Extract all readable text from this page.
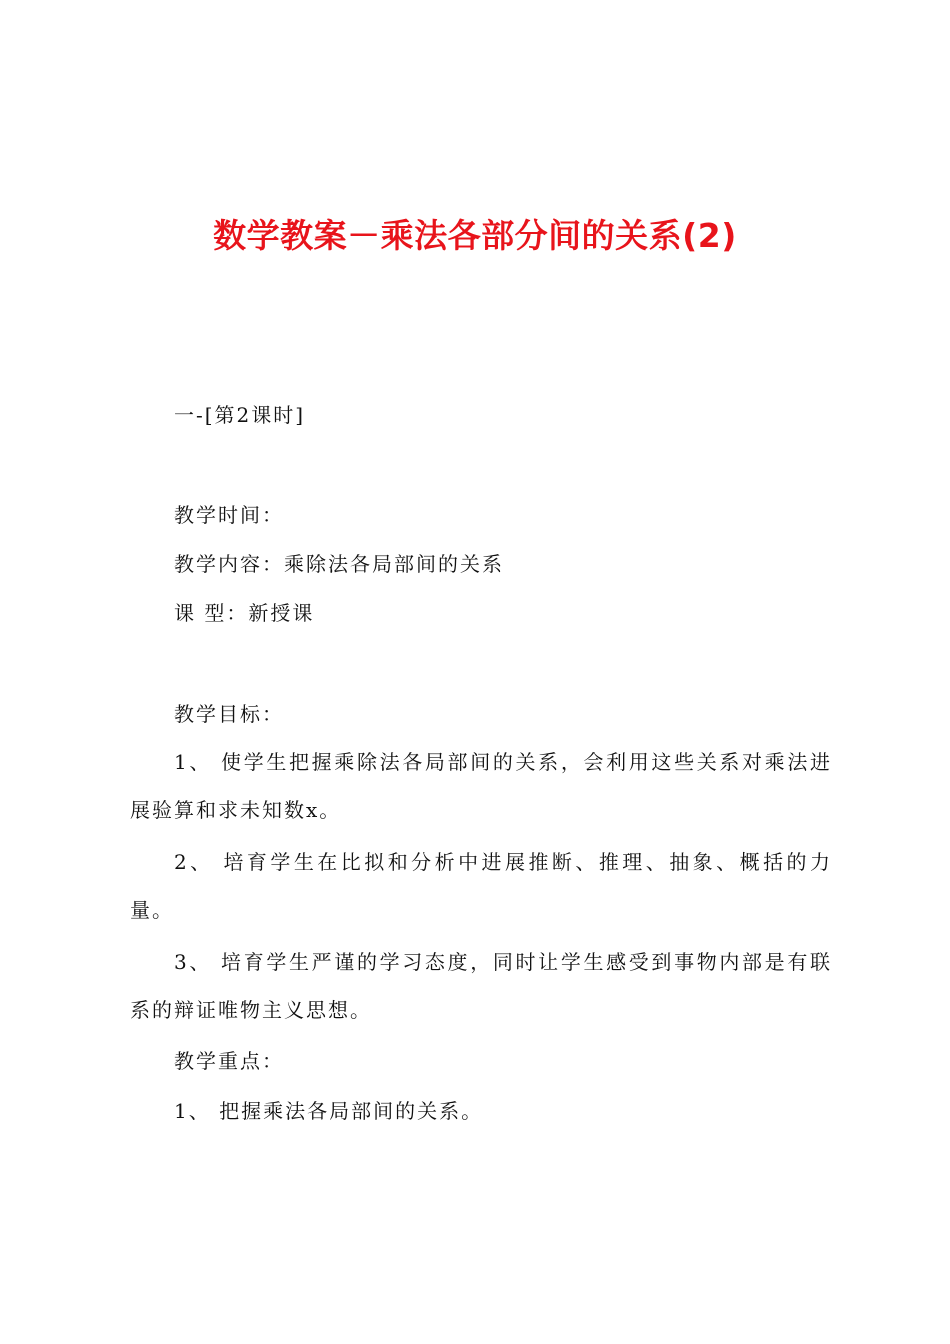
数学教案－乘法各部分间的关系(2)

一-[第2课时]

教学时间：

教学内容：乘除法各局部间的关系

课 型：新授课

教学目标：

1、 使学生把握乘除法各局部间的关系，会利用这些关系对乘法进展验算和求未知数x。

2、 培育学生在比拟和分析中进展推断、推理、抽象、概括的力量。

3、 培育学生严谨的学习态度，同时让学生感受到事物内部是有联系的辩证唯物主义思想。

教学重点：

1、 把握乘法各局部间的关系。
